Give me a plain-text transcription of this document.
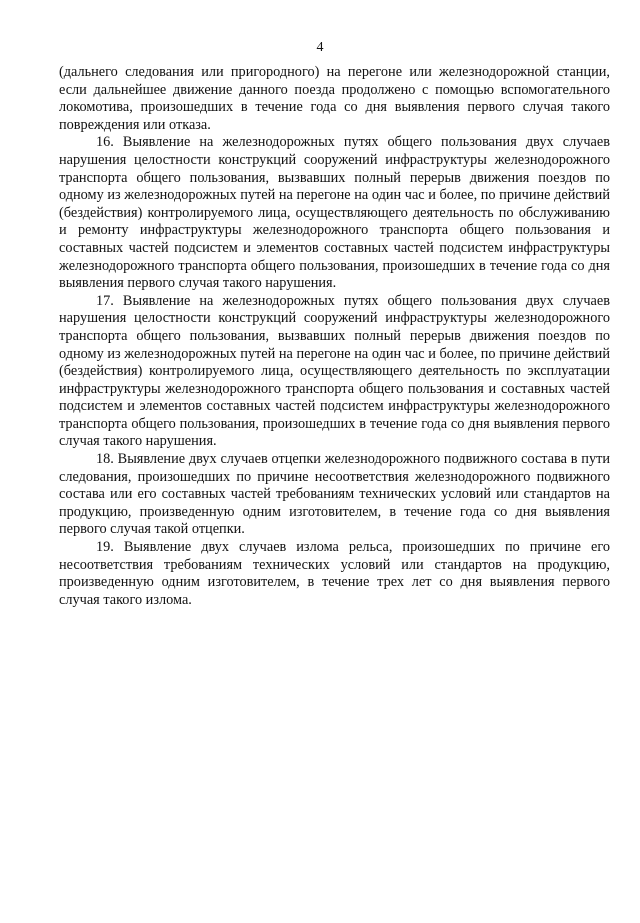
4

(дальнего следования или пригородного) на перегоне или железнодорожной станции, если дальнейшее движение данного поезда продолжено с помощью вспомогательного локомотива, произошедших в течение года со дня выявления первого случая такого повреждения или отказа.

16. Выявление на железнодорожных путях общего пользования двух случаев нарушения целостности конструкций сооружений инфраструктуры железнодорожного транспорта общего пользования, вызвавших полный перерыв движения поездов по одному из железнодорожных путей на перегоне на один час и более, по причине действий (бездействия) контролируемого лица, осуществляющего деятельность по обслуживанию и ремонту инфраструктуры железнодорожного транспорта общего пользования и составных частей подсистем и элементов составных частей подсистем инфраструктуры железнодорожного транспорта общего пользования, произошедших в течение года со дня выявления первого случая такого нарушения.

17. Выявление на железнодорожных путях общего пользования двух случаев нарушения целостности конструкций сооружений инфраструктуры железнодорожного транспорта общего пользования, вызвавших полный перерыв движения поездов по одному из железнодорожных путей на перегоне на один час и более, по причине действий (бездействия) контролируемого лица, осуществляющего деятельность по эксплуатации инфраструктуры железнодорожного транспорта общего пользования и составных частей подсистем и элементов составных частей подсистем инфраструктуры железнодорожного транспорта общего пользования, произошедших в течение года со дня выявления первого случая такого нарушения.

18. Выявление двух случаев отцепки железнодорожного подвижного состава в пути следования, произошедших по причине несоответствия железнодорожного подвижного состава или его составных частей требованиям технических условий или стандартов на продукцию, произведенную одним изготовителем, в течение года со дня выявления первого случая такой отцепки.

19. Выявление двух случаев излома рельса, произошедших по причине его несоответствия требованиям технических условий или стандартов на продукцию, произведенную одним изготовителем, в течение трех лет со дня выявления первого случая такого излома.
